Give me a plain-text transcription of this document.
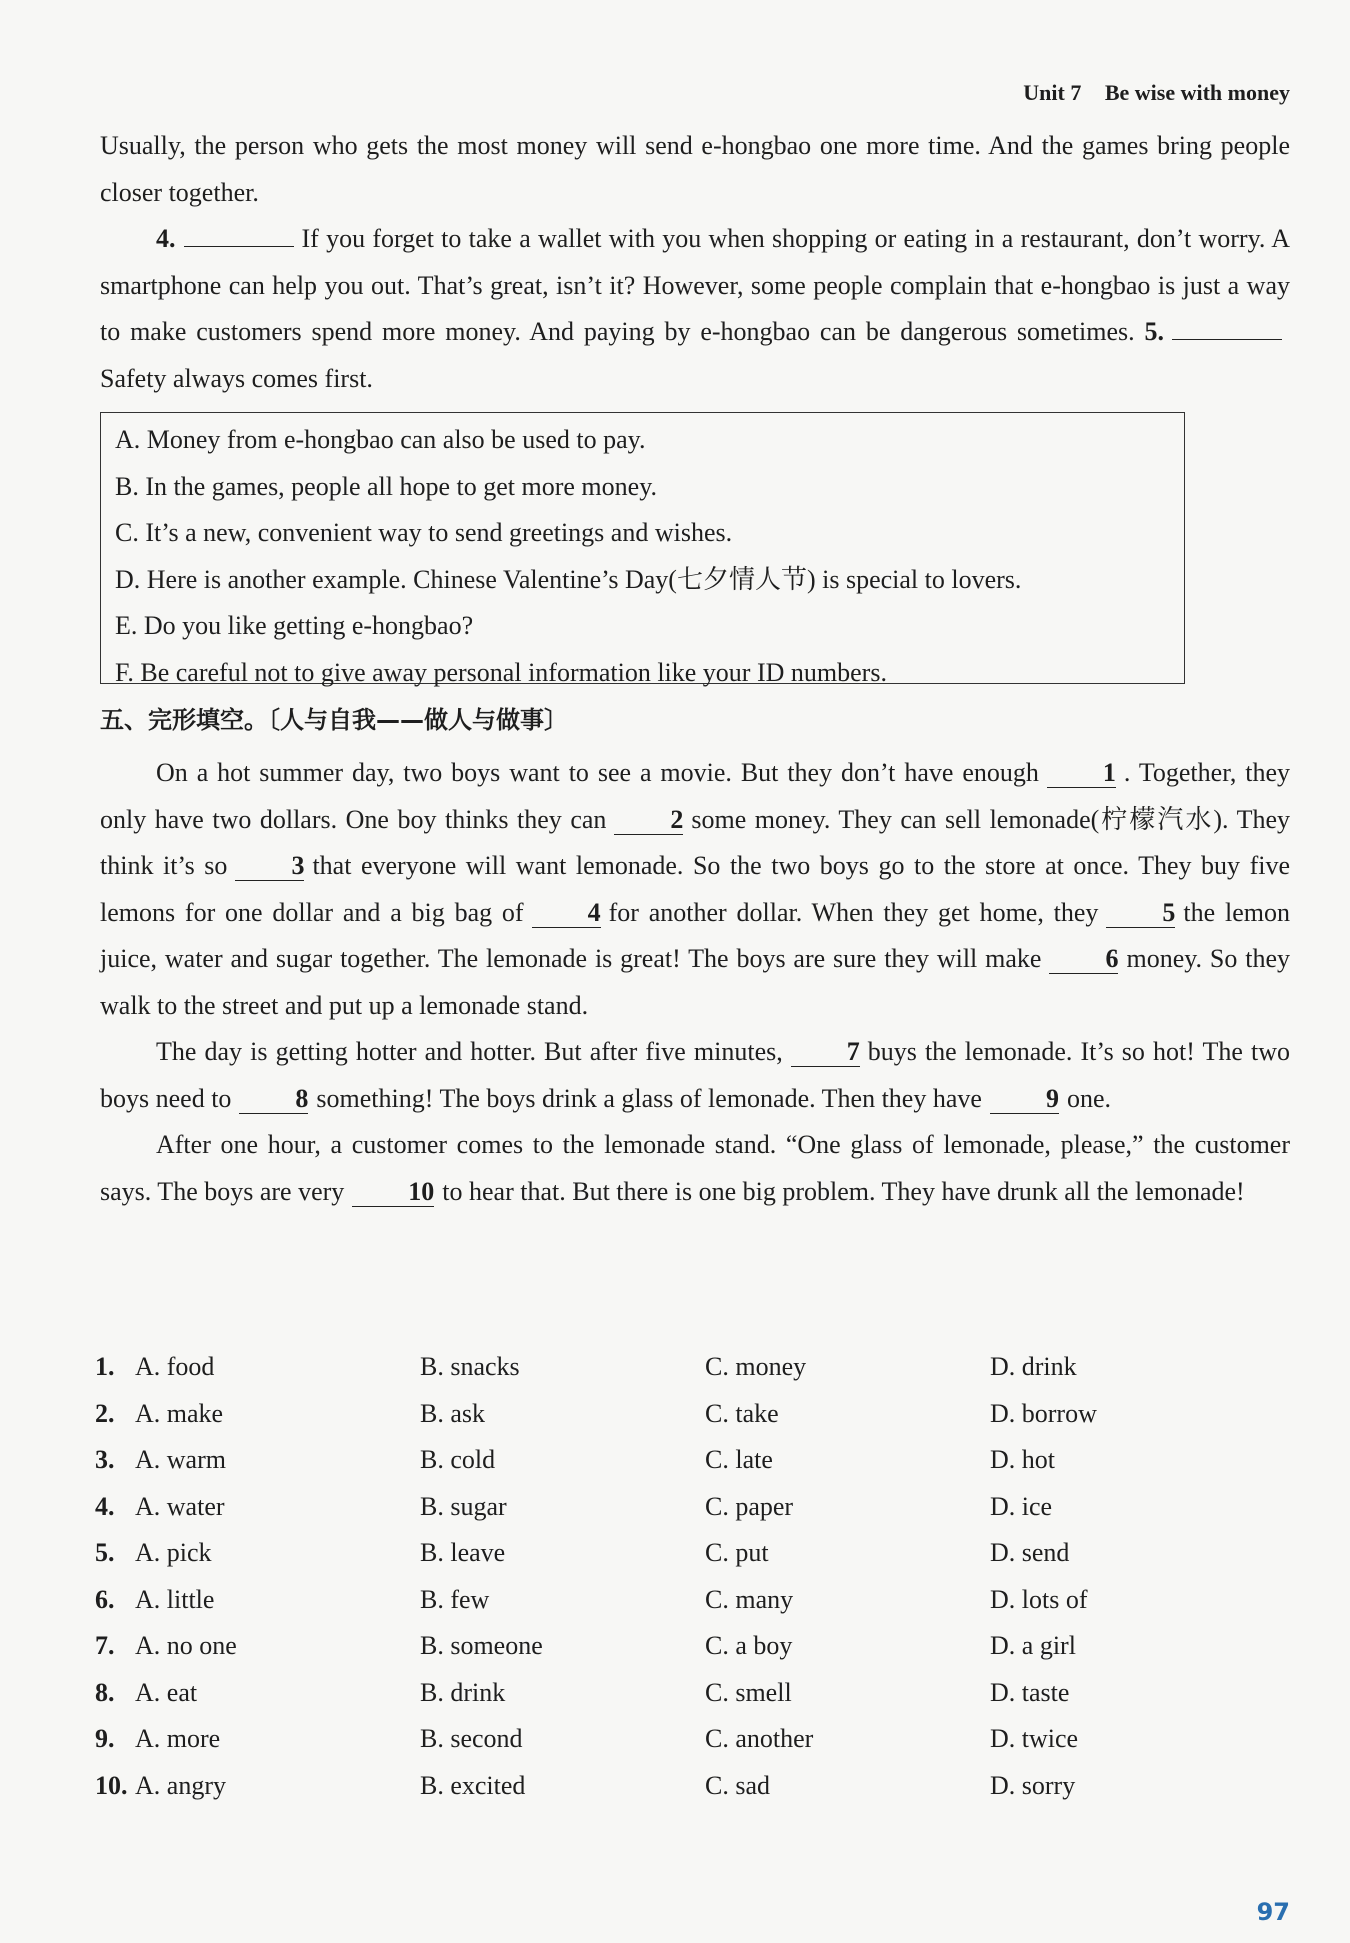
Unit 7 Be wise with money

Usually, the person who gets the most money will send e-hongbao one more time. And the games bring people closer together.

4.	If you forget to take a wallet with you when shopping or eating in a restaurant, don’t worry. A smartphone can help you out. That’s great, isn’t it? However, some people complain that e-hongbao is just a way to make customers spend more money. And paying by e-hongbao can be dangerous sometimes. 5.Safety always comes first.

A. Money from e-hongbao can also be used to pay.

B. In the games, people all hope to get more money.

C. It’s a new, convenient way to send greetings and wishes.

D. Here is another example. Chinese Valentine’s Day(七夕情人节) is special to lovers.

E. Do you like getting e-hongbao?

F. Be careful not to give away personal information like your ID numbers.

五、完形填空。〔人与自我——做人与做事〕

On a hot summer day, two boys want to see a movie. But they don’t have enough 1 . Together, they only have two dollars. One boy thinks they can 2 some money. They can sell lemonade(柠檬汽水). They think it’s so 3 that everyone will want lemonade. So the two boys go to the store at once. They buy five lemons for one dollar and a big bag of 4 for another dollar. When they get home, they 5 the lemon juice, water and sugar together. The lemonade is great! The boys are sure they will make 6 money. So they walk to the street and put up a lemonade stand.

The day is getting hotter and hotter. But after five minutes, 7 buys the lemonade. It’s so hot! The two boys need to 8 something! The boys drink a glass of lemonade. Then they have 9 one.

After one hour, a customer comes to the lemonade stand. “One glass of lemonade, please,” the customer says. The boys are very 10 to hear that. But there is one big problem. They have drunk all the lemonade!

1. A. food	B. snacks	C. money	D. drink
2. A. make	B. ask	C. take	D. borrow
3. A. warm	B. cold	C. late	D. hot
4. A. water	B. sugar	C. paper	D. ice
5. A. pick	B. leave	C. put	D. send
6. A. little	B. few	C. many	D. lots of
7. A. no one	B. someone	C. a boy	D. a girl
8. A. eat	B. drink	C. smell	D. taste
9. A. more	B. second	C. another	D. twice
10. A. angry	B. excited	C. sad	D. sorry
97
